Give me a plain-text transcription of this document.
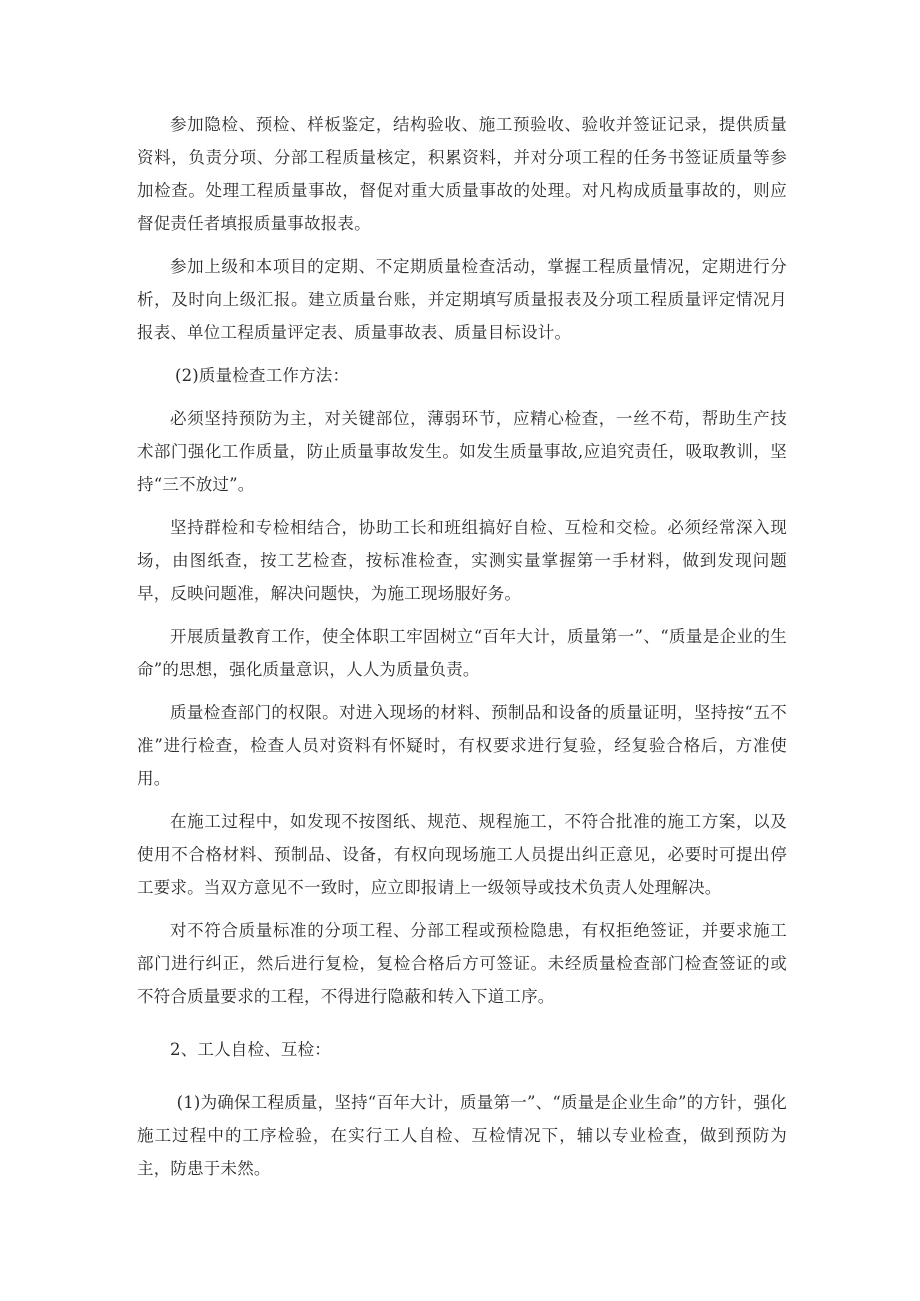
参加隐检、预检、样板鉴定，结构验收、施工预验收、验收并签证记录，提供质量资料，负责分项、分部工程质量核定，积累资料，并对分项工程的任务书签证质量等参加检查。处理工程质量事故，督促对重大质量事故的处理。对凡构成质量事故的，则应督促责任者填报质量事故报表。

参加上级和本项目的定期、不定期质量检查活动，掌握工程质量情况，定期进行分析，及时向上级汇报。建立质量台账，并定期填写质量报表及分项工程质量评定情况月报表、单位工程质量评定表、质量事故表、质量目标设计。

(2)质量检查工作方法：

必须坚持预防为主，对关键部位，薄弱环节，应精心检查，一丝不苟，帮助生产技术部门强化工作质量，防止质量事故发生。如发生质量事故,应追究责任，吸取教训，坚持“三不放过”。

坚持群检和专检相结合，协助工长和班组搞好自检、互检和交检。必须经常深入现场，由图纸查，按工艺检查，按标准检查，实测实量掌握第一手材料，做到发现问题早，反映问题准，解决问题快，为施工现场服好务。

开展质量教育工作，使全体职工牢固树立“百年大计，质量第一”、“质量是企业的生命”的思想，强化质量意识，人人为质量负责。

质量检查部门的权限。对进入现场的材料、预制品和设备的质量证明，坚持按“五不准”进行检查，检查人员对资料有怀疑时，有权要求进行复验，经复验合格后，方准使用。

在施工过程中，如发现不按图纸、规范、规程施工，不符合批准的施工方案，以及使用不合格材料、预制品、设备，有权向现场施工人员提出纠正意见，必要时可提出停工要求。当双方意见不一致时，应立即报请上一级领导或技术负责人处理解决。

对不符合质量标准的分项工程、分部工程或预检隐患，有权拒绝签证，并要求施工部门进行纠正，然后进行复检，复检合格后方可签证。未经质量检查部门检查签证的或不符合质量要求的工程，不得进行隐蔽和转入下道工序。

2、工人自检、互检：

(1)为确保工程质量，坚持“百年大计，质量第一”、“质量是企业生命”的方针，强化施工过程中的工序检验，在实行工人自检、互检情况下，辅以专业检查，做到预防为主，防患于未然。
